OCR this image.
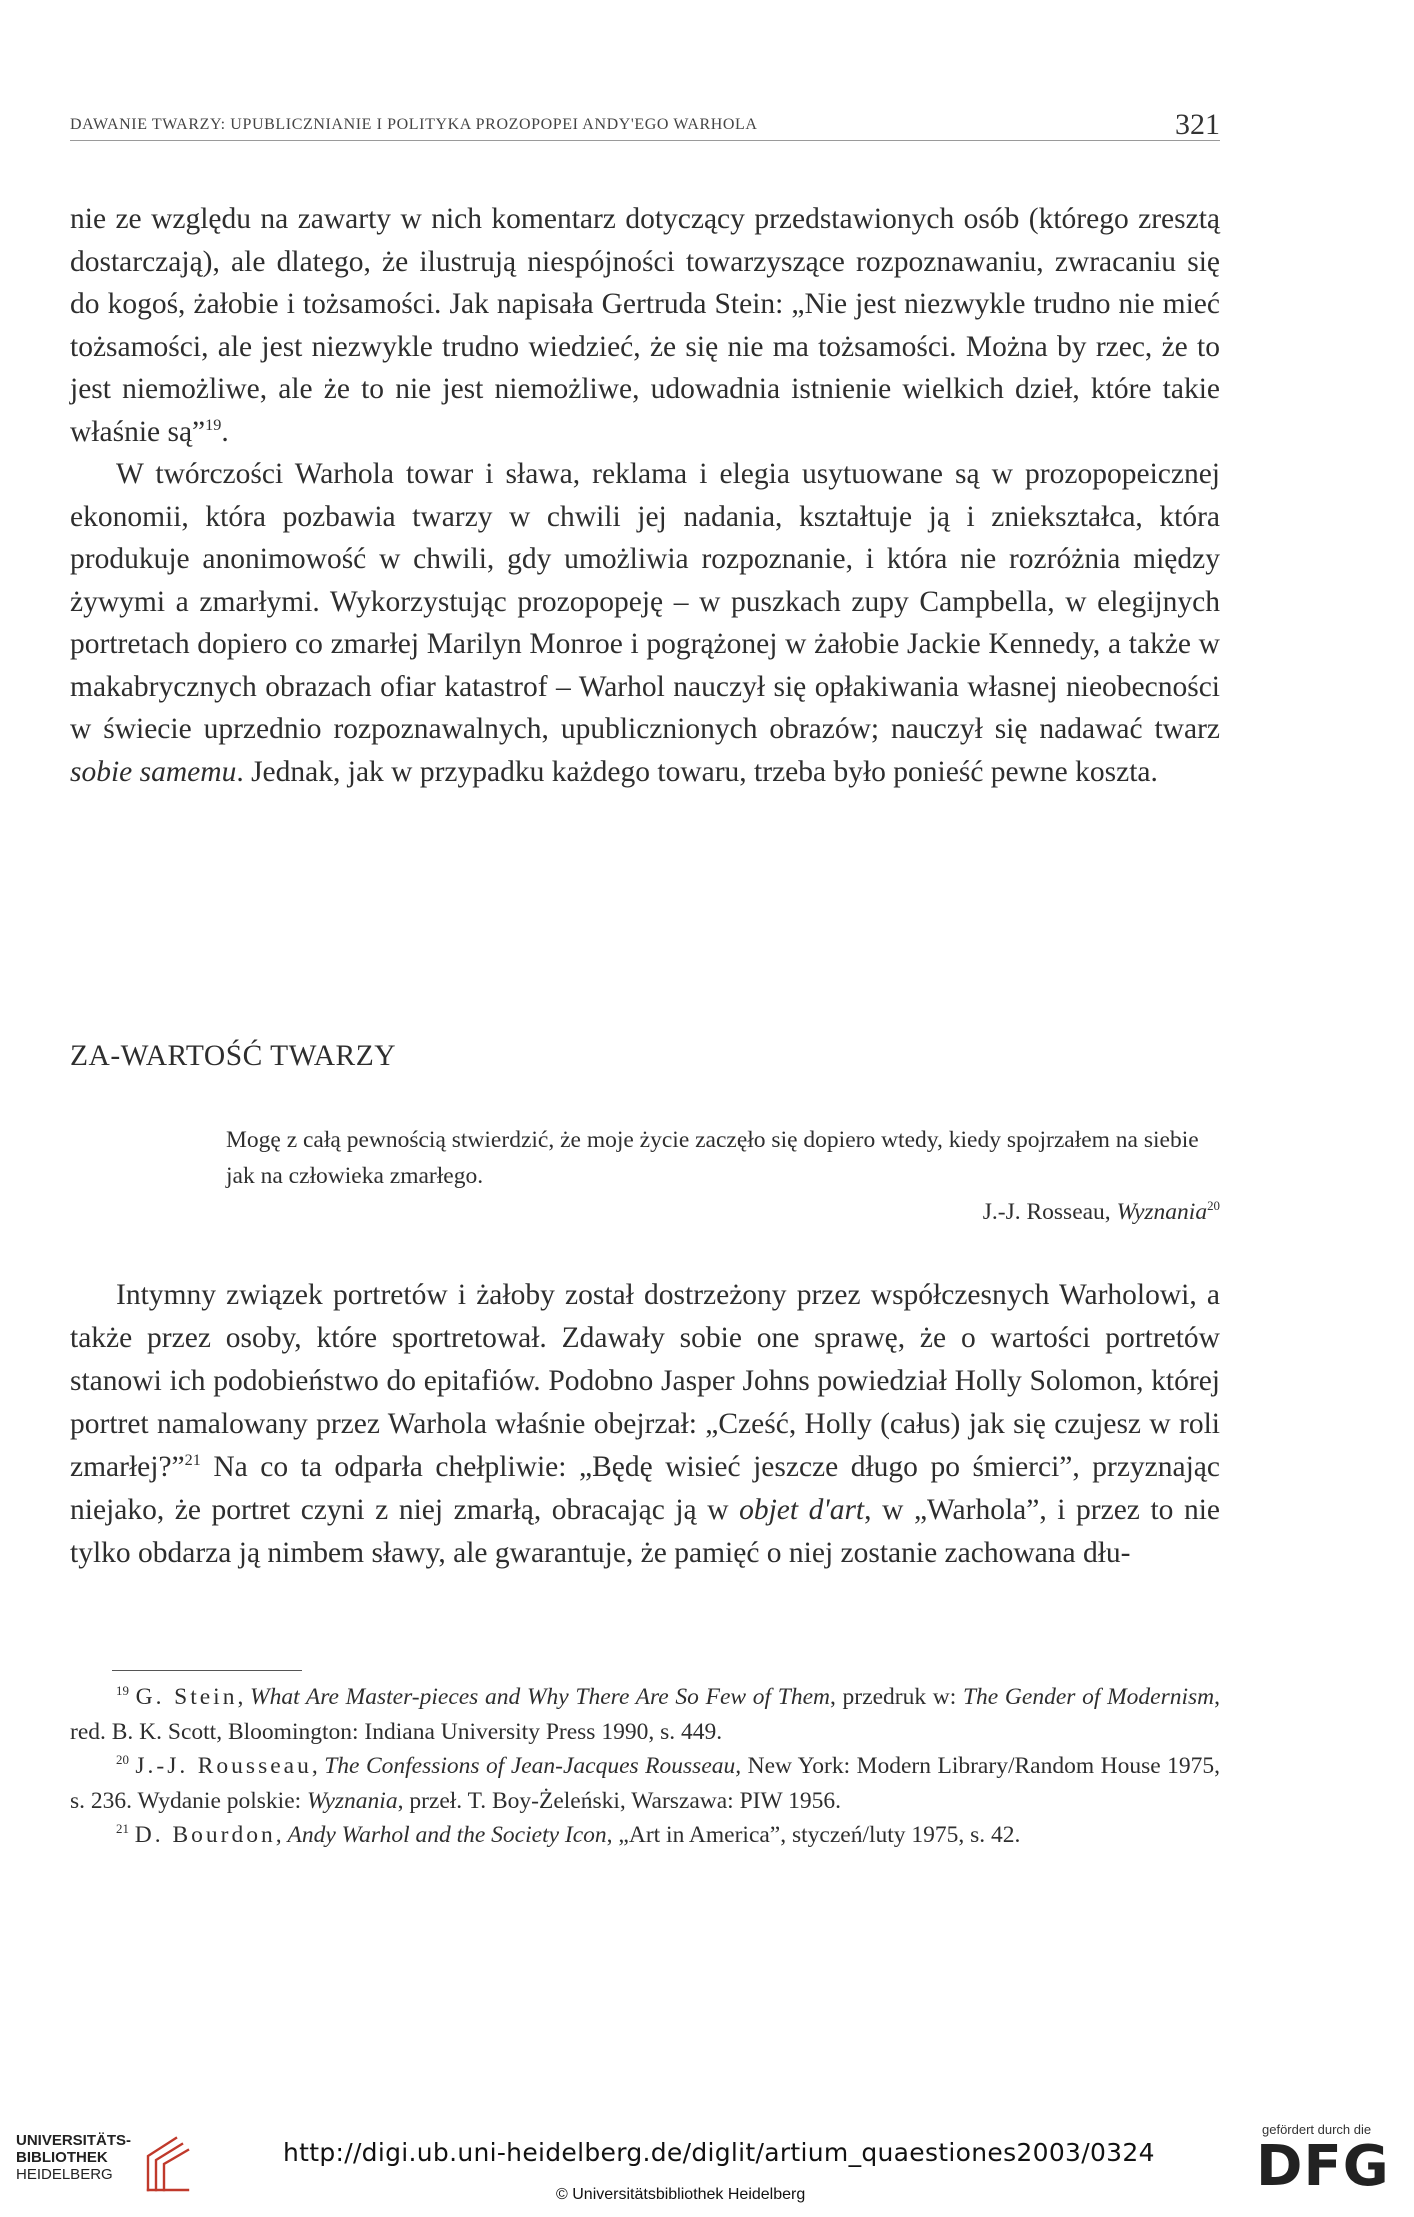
DAWANIE TWARZY: UPUBLICZNIANIE I POLITYKA PROZOPOPEI ANDY'EGO WARHOLA	321

nie ze względu na zawarty w nich komentarz dotyczący przedstawionych osób (którego zresztą dostarczają), ale dlatego, że ilustrują niespójności towarzyszące rozpoznawaniu, zwracaniu się do kogoś, żałobie i tożsamości. Jak napisała Gertruda Stein: „Nie jest niezwykle trudno nie mieć tożsamości, ale jest niezwykle trudno wiedzieć, że się nie ma tożsamości. Można by rzec, że to jest niemożliwe, ale że to nie jest niemożliwe, udowadnia istnienie wielkich dzieł, które takie właśnie są”$^{19}$.

W twórczości Warhola towar i sława, reklama i elegia usytuowane są w prozopopeicznej ekonomii, która pozbawia twarzy w chwili jej nadania, kształtuje ją i zniekształca, która produkuje anonimowość w chwili, gdy umożliwia rozpoznanie, i która nie rozróżnia między żywymi a zmarłymi. Wykorzystując prozopopeję – w puszkach zupy Campbella, w elegijnych portretach dopiero co zmarłej Marilyn Monroe i pogrążonej w żałobie Jackie Kennedy, a także w makabrycznych obrazach ofiar katastrof – Warhol nauczył się opłakiwania własnej nieobecności w świecie uprzednio rozpoznawalnych, upublicznionych obrazów; nauczył się nadawać twarz sobie samemu. Jednak, jak w przypadku każdego towaru, trzeba było ponieść pewne koszta.

ZA-WARTOŚĆ TWARZY

Mogę z całą pewnością stwierdzić, że moje życie zaczęło się dopiero wtedy, kiedy spojrzałem na siebie jak na człowieka zmarłego.

J.-J. Rosseau, Wyznania$^{20}$

Intymny związek portretów i żałoby został dostrzeżony przez współczesnych Warholowi, a także przez osoby, które sportretował. Zdawały sobie one sprawę, że o wartości portretów stanowi ich podobieństwo do epitafiów. Podobno Jasper Johns powiedział Holly Solomon, której portret namalowany przez Warhola właśnie obejrzał: „Cześć, Holly (całus) jak się czujesz w roli zmarłej?”$^{21}$ Na co ta odparła chełpliwie: „Będę wisieć jeszcze długo po śmierci”, przyznając niejako, że portret czyni z niej zmarłą, obracając ją w objet d'art, w „Warhola”, i przez to nie tylko obdarza ją nimbem sławy, ale gwarantuje, że pamięć o niej zostanie zachowana dłu-

$^{19}$ G. Stein, What Are Master-pieces and Why There Are So Few of Them, przedruk w: The Gender of Modernism, red. B. K. Scott, Bloomington: Indiana University Press 1990, s. 449.

$^{20}$ J.-J. Rousseau, The Confessions of Jean-Jacques Rousseau, New York: Modern Library/Random House 1975, s. 236. Wydanie polskie: Wyznania, przeł. T. Boy-Żeleński, Warszawa: PIW 1956.

$^{21}$ D. Bourdon, Andy Warhol and the Society Icon, „Art in America”, styczeń/luty 1975, s. 42.

UNIVERSITÄTS-
BIBLIOTHEK
HEIDELBERG
http://digi.ub.uni-heidelberg.de/diglit/artium_quaestiones2003/0324
© Universitätsbibliothek Heidelberg
gefördert durch die
DFG
